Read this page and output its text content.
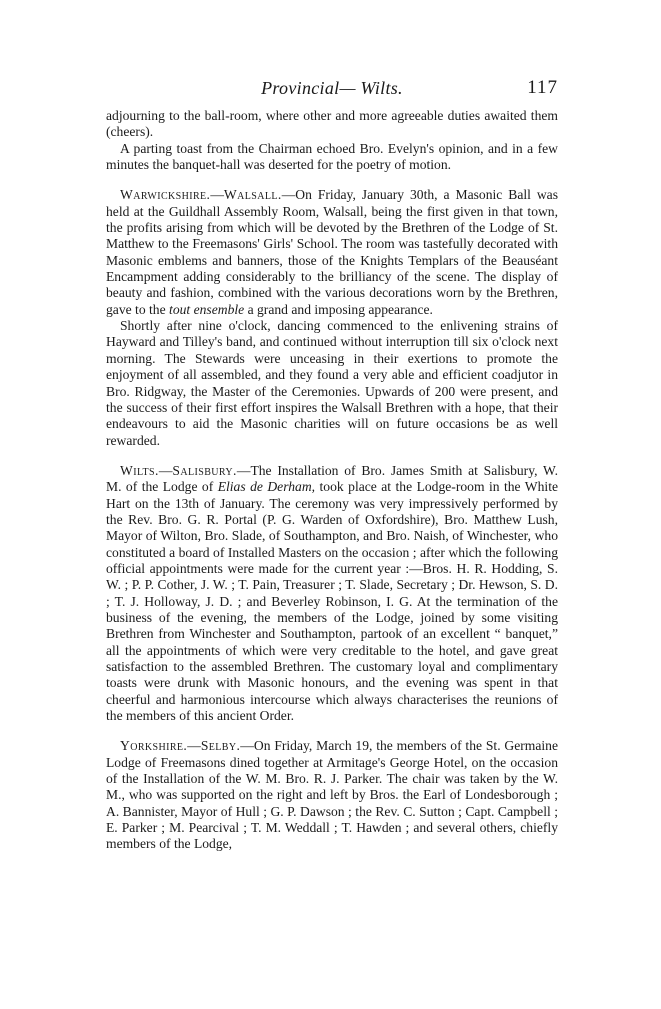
Provincial— Wilts.	117

adjourning to the ball-room, where other and more agreeable duties awaited them (cheers).

A parting toast from the Chairman echoed Bro. Evelyn's opinion, and in a few minutes the banquet-hall was deserted for the poetry of motion.

Warwickshire.—Walsall.—On Friday, January 30th, a Masonic Ball was held at the Guildhall Assembly Room, Walsall, being the first given in that town, the profits arising from which will be devoted by the Brethren of the Lodge of St. Matthew to the Freemasons' Girls' School. The room was tastefully decorated with Masonic emblems and banners, those of the Knights Templars of the Beauséant Encampment adding considerably to the brilliancy of the scene. The display of beauty and fashion, combined with the various decorations worn by the Brethren, gave to the tout ensemble a grand and imposing appearance.

Shortly after nine o'clock, dancing commenced to the enlivening strains of Hayward and Tilley's band, and continued without interruption till six o'clock next morning. The Stewards were unceasing in their exertions to promote the enjoyment of all assembled, and they found a very able and efficient coadjutor in Bro. Ridgway, the Master of the Ceremonies. Upwards of 200 were present, and the success of their first effort inspires the Walsall Brethren with a hope, that their endeavours to aid the Masonic charities will on future occasions be as well rewarded.

Wilts.—Salisbury.—The Installation of Bro. James Smith at Salisbury, W. M. of the Lodge of Elias de Derham, took place at the Lodge-room in the White Hart on the 13th of January. The ceremony was very impressively performed by the Rev. Bro. G. R. Portal (P. G. Warden of Oxfordshire), Bro. Matthew Lush, Mayor of Wilton, Bro. Slade, of Southampton, and Bro. Naish, of Winchester, who constituted a board of Installed Masters on the occasion ; after which the following official appointments were made for the current year :—Bros. H. R. Hodding, S. W. ; P. P. Cother, J. W. ; T. Pain, Treasurer ; T. Slade, Secretary ; Dr. Hewson, S. D. ; T. J. Holloway, J. D. ; and Beverley Robinson, I. G. At the termination of the business of the evening, the members of the Lodge, joined by some visiting Brethren from Winchester and Southampton, partook of an excellent “ banquet,” all the appointments of which were very creditable to the hotel, and gave great satisfaction to the assembled Brethren. The customary loyal and complimentary toasts were drunk with Masonic honours, and the evening was spent in that cheerful and harmonious intercourse which always characterises the reunions of the members of this ancient Order.

Yorkshire.—Selby.—On Friday, March 19, the members of the St. Germaine Lodge of Freemasons dined together at Armitage's George Hotel, on the occasion of the Installation of the W. M. Bro. R. J. Parker. The chair was taken by the W. M., who was supported on the right and left by Bros. the Earl of Londesborough ; A. Bannister, Mayor of Hull ; G. P. Dawson ; the Rev. C. Sutton ; Capt. Campbell ; E. Parker ; M. Pearcival ; T. M. Weddall ; T. Hawden ; and several others, chiefly members of the Lodge,
